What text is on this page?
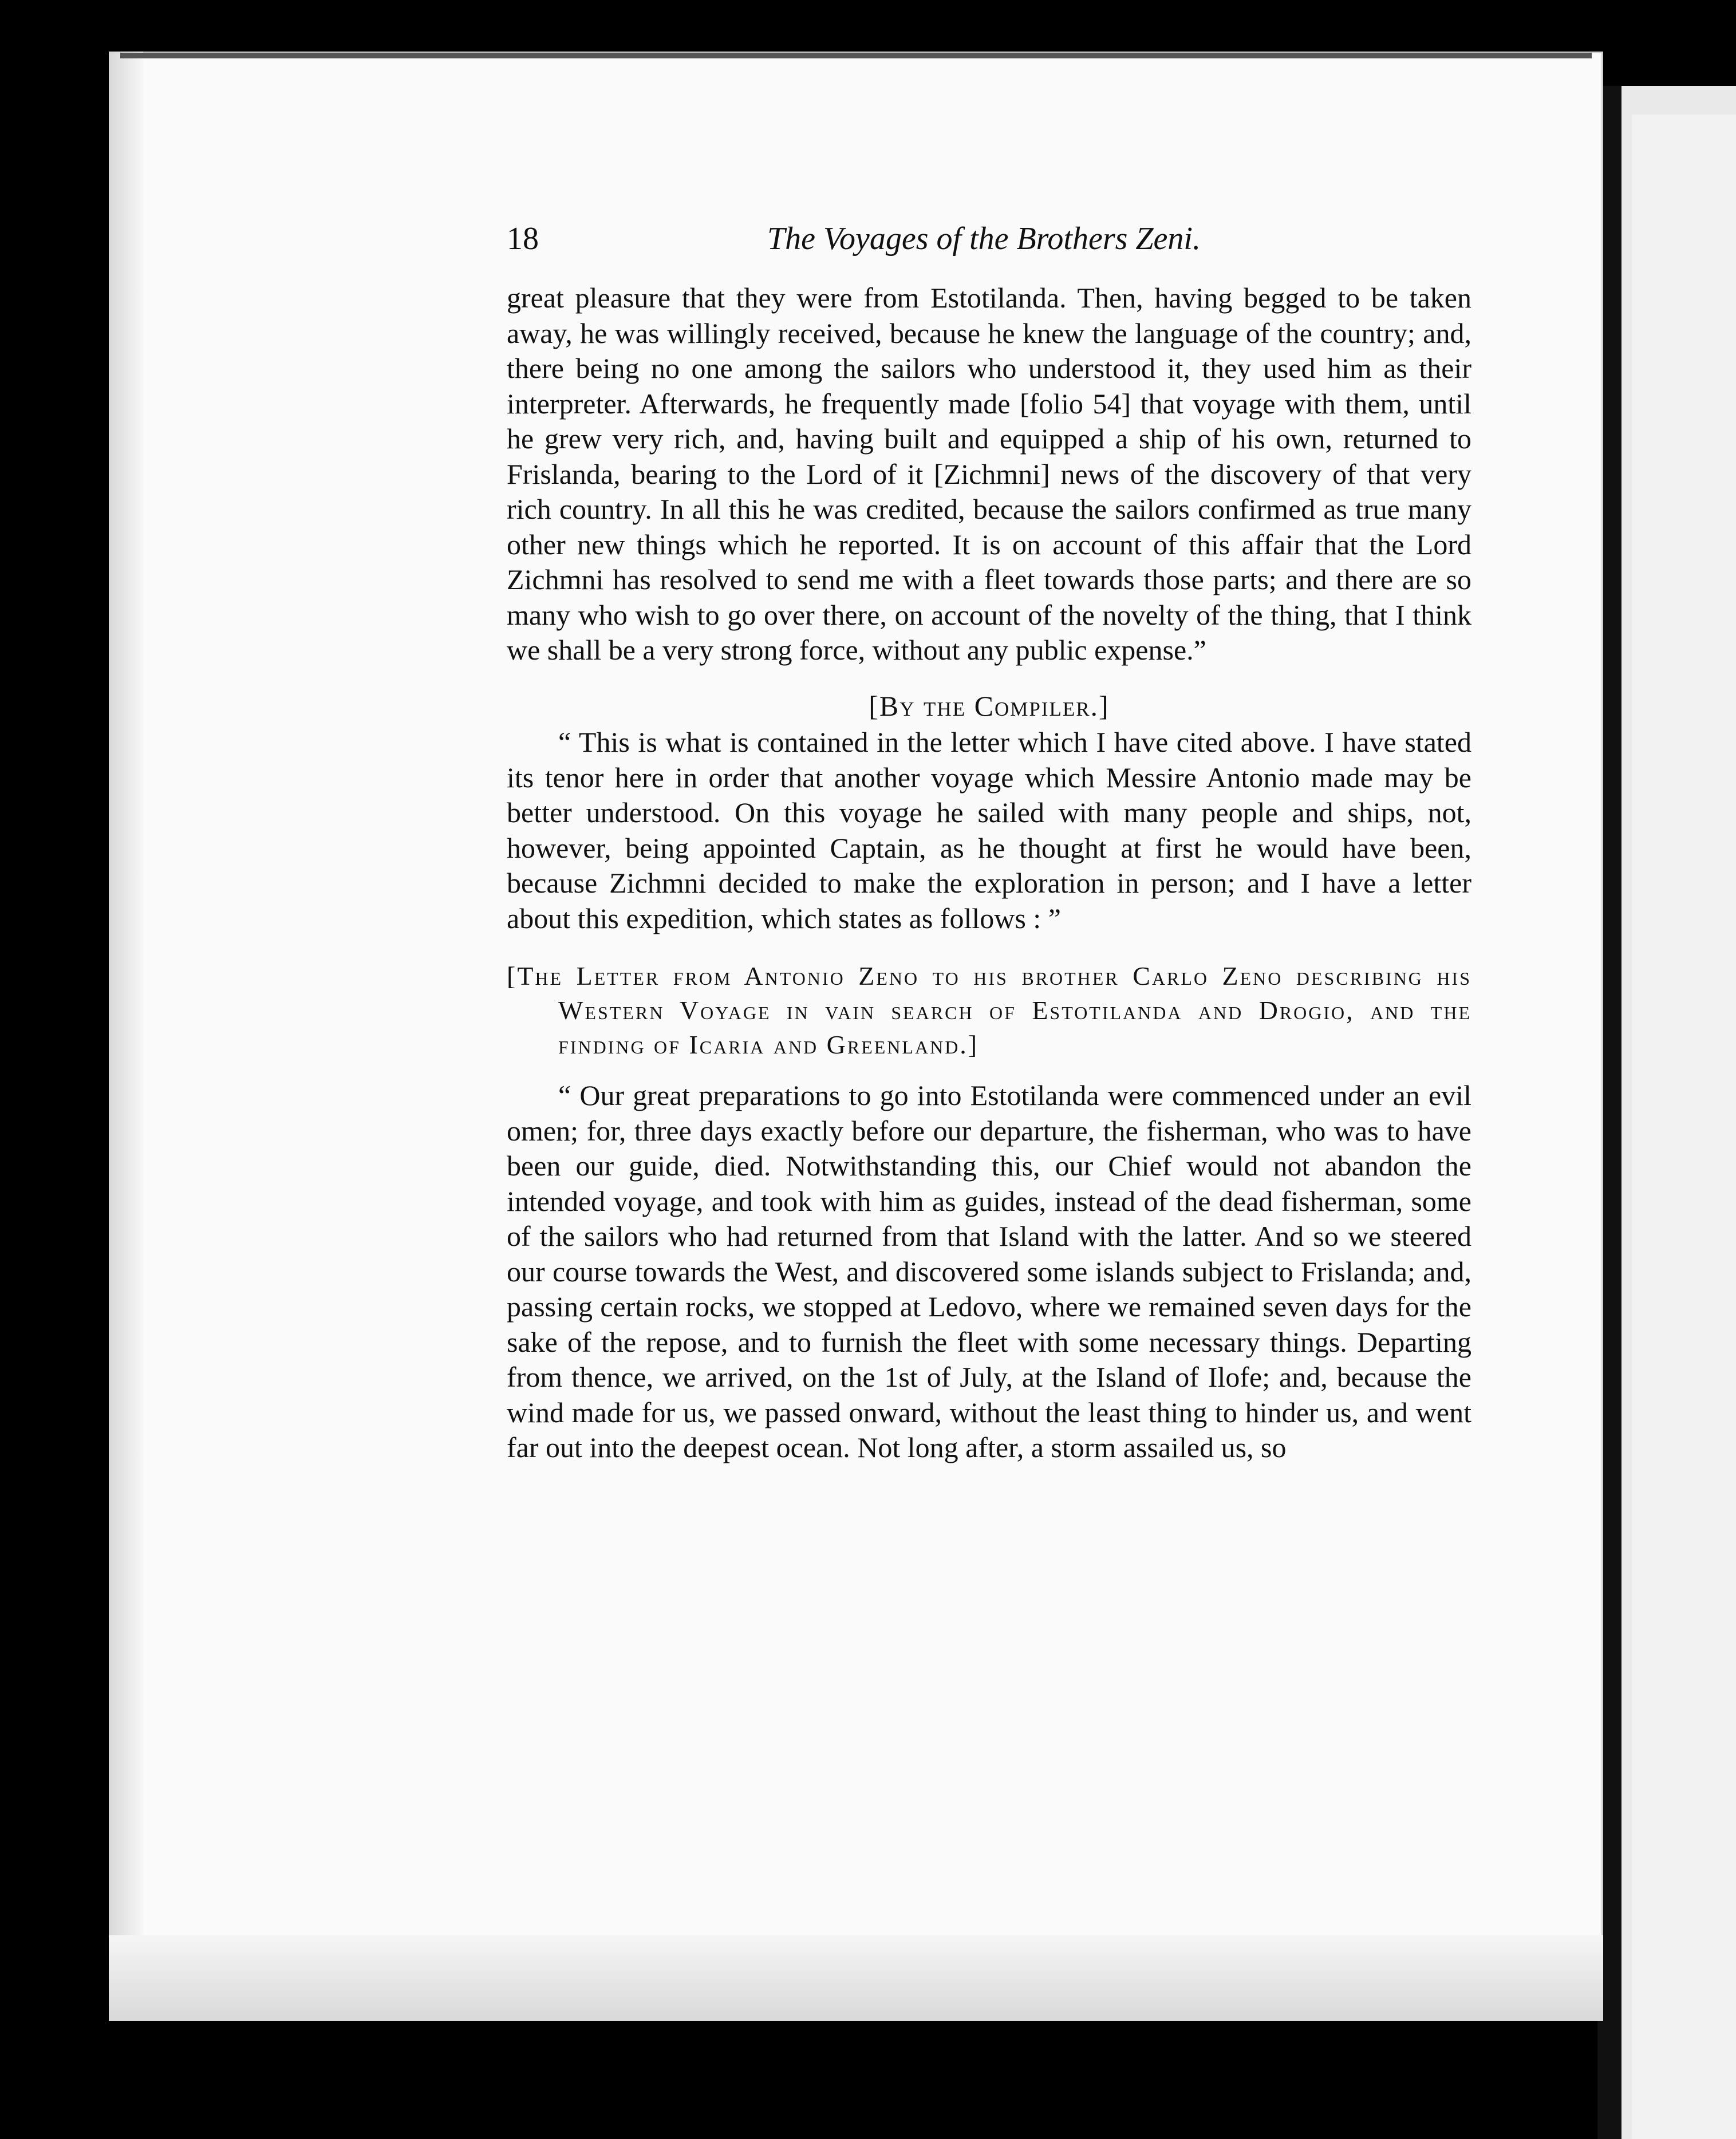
18	The Voyages of the Brothers Zeni.

great pleasure that they were from Estotilanda. Then, having begged to be taken away, he was willingly received, because he knew the language of the country; and, there being no one among the sailors who understood it, they used him as their interpreter. Afterwards, he frequently made [folio 54] that voyage with them, until he grew very rich, and, having built and equipped a ship of his own, returned to Frislanda, bearing to the Lord of it [Zichmni] news of the discovery of that very rich country. In all this he was credited, because the sailors confirmed as true many other new things which he reported. It is on account of this affair that the Lord Zichmni has resolved to send me with a fleet towards those parts; and there are so many who wish to go over there, on account of the novelty of the thing, that I think we shall be a very strong force, without any public expense.”

[By the Compiler.]

“ This is what is contained in the letter which I have cited above. I have stated its tenor here in order that another voyage which Messire Antonio made may be better understood. On this voyage he sailed with many people and ships, not, however, being appointed Captain, as he thought at first he would have been, because Zichmni decided to make the exploration in person; and I have a letter about this expedition, which states as follows : ”

[The Letter from Antonio Zeno to his brother Carlo Zeno describing his Western Voyage in vain search of Estotilanda and Drogio, and the finding of Icaria and Greenland.]

“ Our great preparations to go into Estotilanda were commenced under an evil omen; for, three days exactly before our departure, the fisherman, who was to have been our guide, died. Notwithstanding this, our Chief would not abandon the intended voyage, and took with him as guides, instead of the dead fisherman, some of the sailors who had returned from that Island with the latter. And so we steered our course towards the West, and discovered some islands subject to Frislanda; and, passing certain rocks, we stopped at Ledovo, where we remained seven days for the sake of the repose, and to furnish the fleet with some necessary things. Departing from thence, we arrived, on the 1st of July, at the Island of Ilofe; and, because the wind made for us, we passed onward, without the least thing to hinder us, and went far out into the deepest ocean. Not long after, a storm assailed us, so
